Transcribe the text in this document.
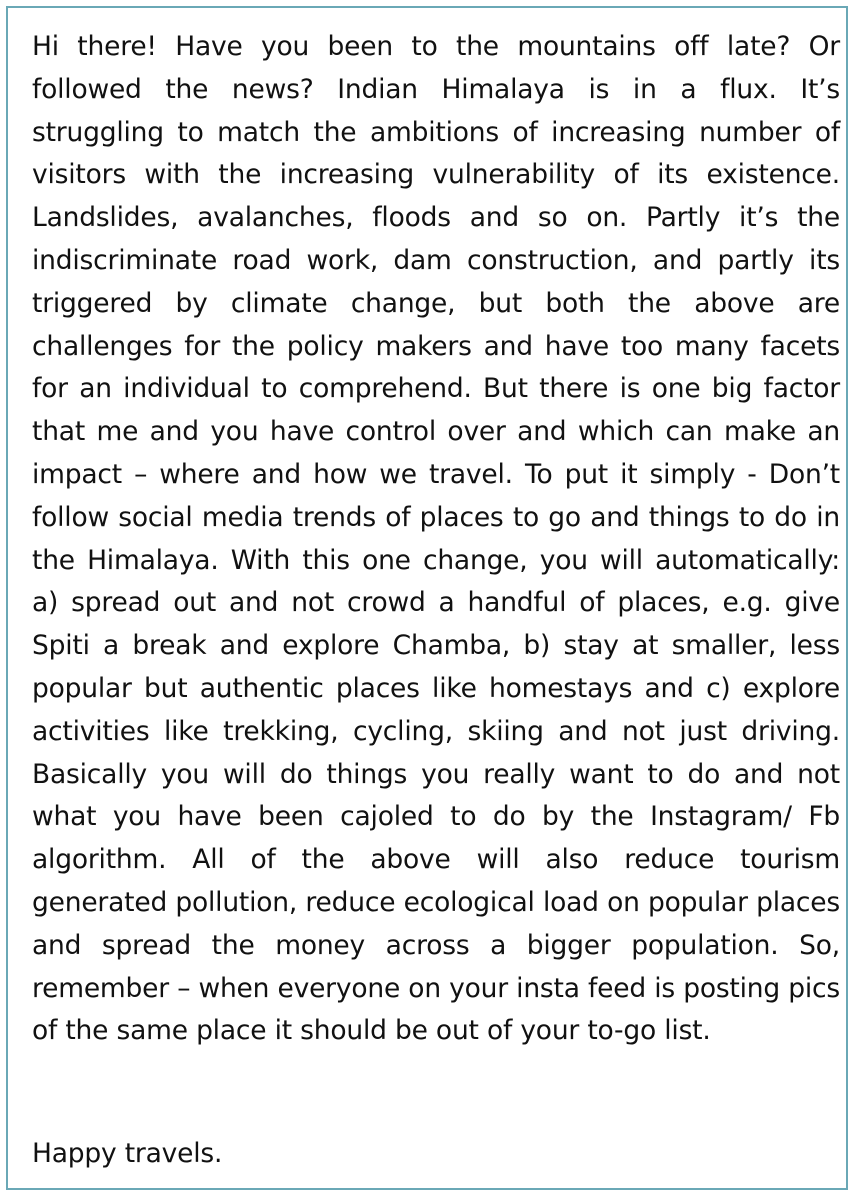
Hi there! Have you been to the mountains off late? Or followed the news? Indian Himalaya is in a flux. It’s struggling to match the ambitions of increasing number of visitors with the increasing vulnerability of its existence. Landslides, avalanches, floods and so on. Partly it’s the indiscriminate road work, dam construction, and partly its triggered by climate change, but both the above are challenges for the policy makers and have too many facets for an individual to comprehend. But there is one big factor that me and you have control over and which can make an impact – where and how we travel. To put it simply - Don’t follow social media trends of places to go and things to do in the Himalaya. With this one change, you will automatically: a) spread out and not crowd a handful of places, e.g. give Spiti a break and explore Chamba, b) stay at smaller, less popular but authentic places like homestays and c) explore activities like trekking, cycling, skiing and not just driving. Basically you will do things you really want to do and not what you have been cajoled to do by the Instagram/ Fb algorithm. All of the above will also reduce tourism generated pollution, reduce ecological load on popular places and spread the money across a bigger population. So, remember – when everyone on your insta feed is posting pics of the same place it should be out of your to-go list.

Happy travels.
